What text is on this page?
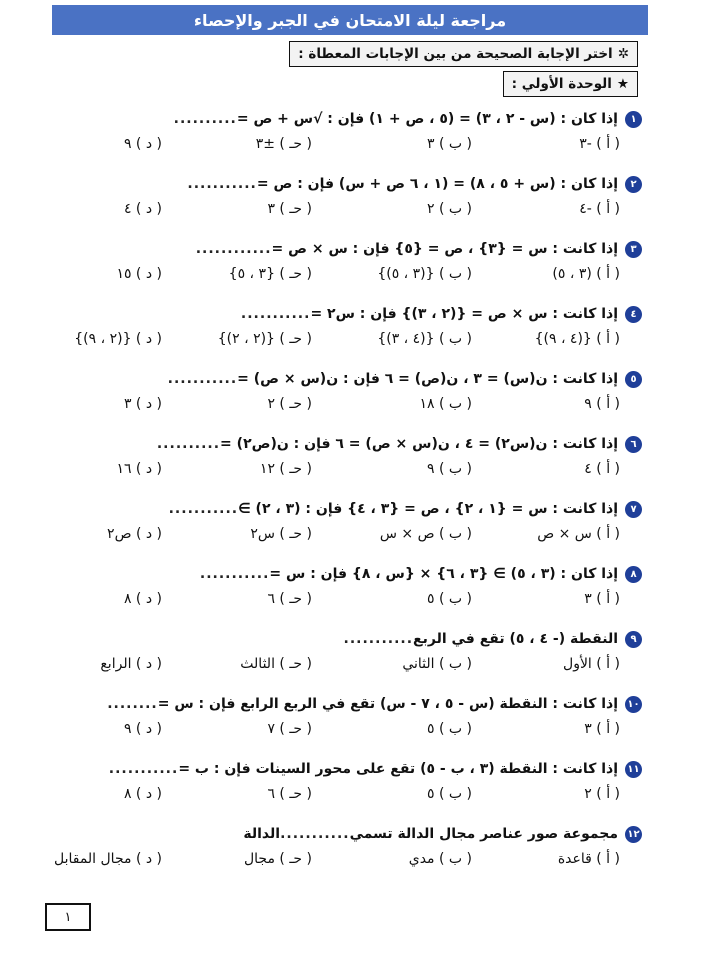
مراجعة ليلة الامتحان في الجبر والإحصاء
✲
اختر الإجابة الصحيحة من بين الإجابات المعطاة :
★
الوحدة الأولي :
١
إذا كان : (س - ٢ ، ٣) = (٥ ، ص + ١) فإن : √س + ص =
..........
( أ ) -٣
( ب ) ٣
( حـ ) ±٣
( د ) ٩
٢
إذا كان : (س + ٥ ، ٨) = (١ ، ٦ ص + س) فإن : ص =
...........
( أ ) -٤
( ب ) ٢
( حـ ) ٣
( د ) ٤
٣
إذا كانت : س = {٣} ، ص = {٥} فإن : س × ص =
............
( أ ) (٣ ، ٥)
( ب ) {(٣ ، ٥)}
( حـ ) {٣ ، ٥}
( د ) ١٥
٤
إذا كانت : س × ص = {(٢ ، ٣)} فإن : س٢ =
...........
( أ ) {(٤ ، ٩)}
( ب ) {(٤ ، ٣)}
( حـ ) {(٢ ، ٢)}
( د ) {(٢ ، ٩)}
٥
إذا كانت : ن(س) = ٣ ، ن(ص) = ٦ فإن : ن(س × ص) =
...........
( أ ) ٩
( ب ) ١٨
( حـ ) ٢
( د ) ٣
٦
إذا كانت : ن(س٢) = ٤ ، ن(س × ص) = ٦ فإن : ن(ص٢) =
..........
( أ ) ٤
( ب ) ٩
( حـ ) ١٢
( د ) ١٦
٧
إذا كانت : س = {١ ، ٢} ، ص = {٣ ، ٤} فإن : (٣ ، ٢) ∋
...........
( أ ) س × ص
( ب ) ص × س
( حـ ) س٢
( د ) ص٢
٨
إذا كان : (٣ ، ٥) ∋ {٣ ، ٦} × {س ، ٨} فإن : س =
...........
( أ ) ٣
( ب ) ٥
( حـ ) ٦
( د ) ٨
٩
النقطة (- ٤ ، ٥) تقع في الربع
...........
( أ ) الأول
( ب ) الثاني
( حـ ) الثالث
( د ) الرابع
١٠
إذا كانت : النقطة (س - ٥ ، ٧ - س) تقع في الربع الرابع فإن : س =
........
( أ ) ٣
( ب ) ٥
( حـ ) ٧
( د ) ٩
١١
إذا كانت : النقطة (٣ ، ب - ٥) تقع على محور السينات فإن : ب =
...........
( أ ) ٢
( ب ) ٥
( حـ ) ٦
( د ) ٨
١٢
مجموعة صور عناصر مجال الدالة تسمي
...........
الدالة
( أ ) قاعدة
( ب ) مدي
( حـ ) مجال
( د ) مجال المقابل
١
